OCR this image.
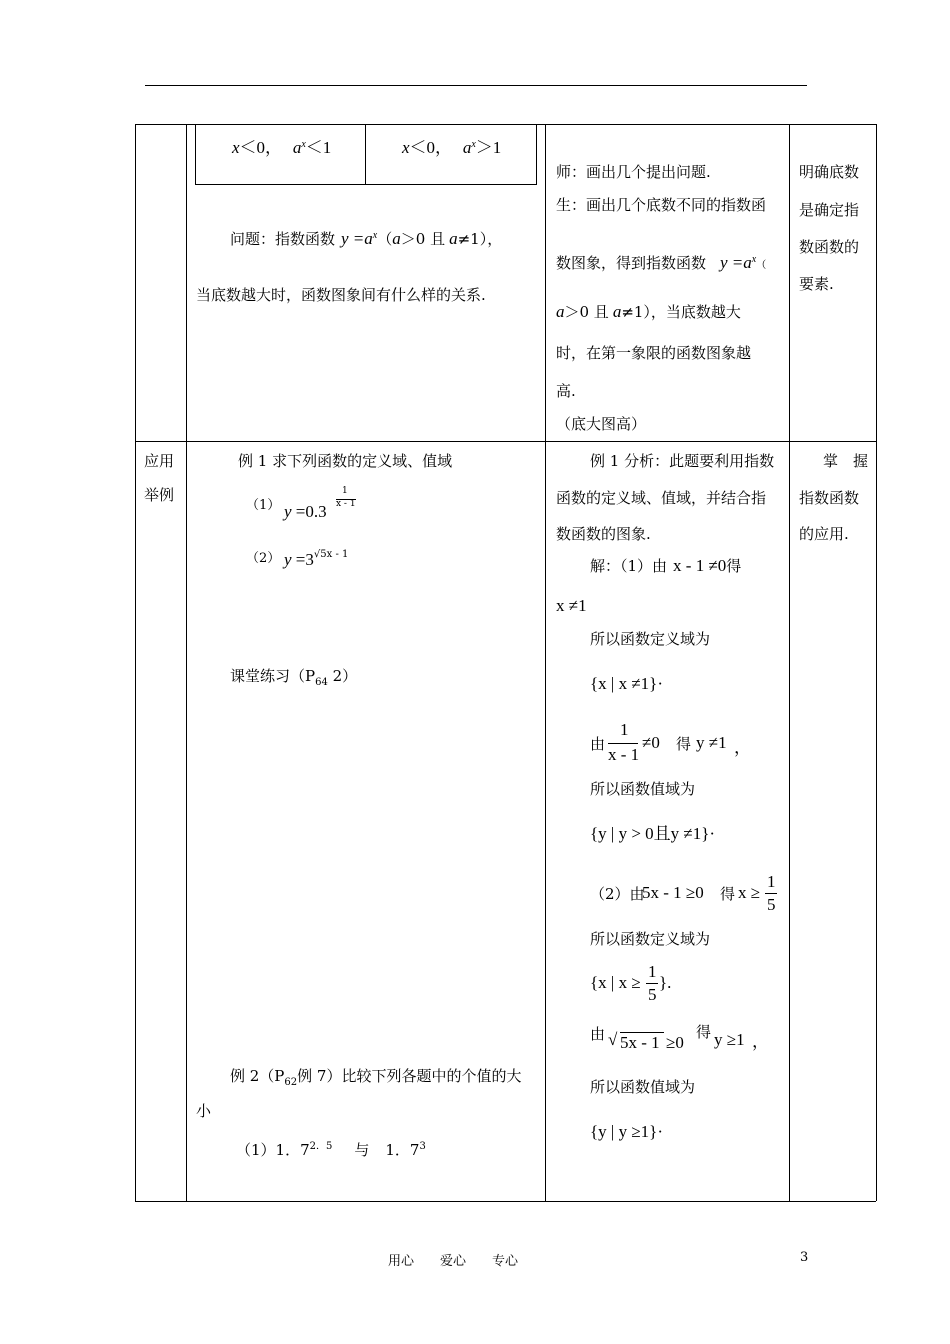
x＜0， $a^x<1$	x＜0， $a^x>1$
问题：指数函数 $y =a^x(a>0$ 且 a≠1），
当底数越大时，函数图象间有什么样的关系.
师：画出几个提出问题.
生：画出几个底数不同的指数函
数图象，得到指数函数 $y =a^x$（
a＞0 且 a≠1），当底数越大
时，在第一象限的函数图象越
高.
（底大图高）
明确底数
是确定指
数函数的
要素.
应用
举例
例 1 求下列函数的定义域、值域
（1） y =0.3
1
x - 1
（2） $y =3^{√5x - 1}$
课堂练习（$P_{64}$ 2）
例 $2(P_{62}$例 7）比较下列各题中的个值的大
小
（1）1．$7^{2.5}$ 与 1．$7^3$
例 1 分析：此题要利用指数
函数的定义域、值域，并结合指
数函数的图象.
解：（1）由 x - 1 ≠0得
x ≠1
所以函数定义域为
{x | x ≠1}·
由
1
x - 1
≠0 得 y ≠1 ，
所以函数值域为
{y | y > 0且y ≠1}·
（2）由
5x - 1 ≥0 得 x ≥
1
5
所以函数定义域为
{x | x ≥
1
5
}.
由 √ 5x - 1 ≥0
得 y ≥1 ，
所以函数值域为
{y | y ≥1}·
掌　握
指数函数
的应用.
用心　　爱心　　专心	3
